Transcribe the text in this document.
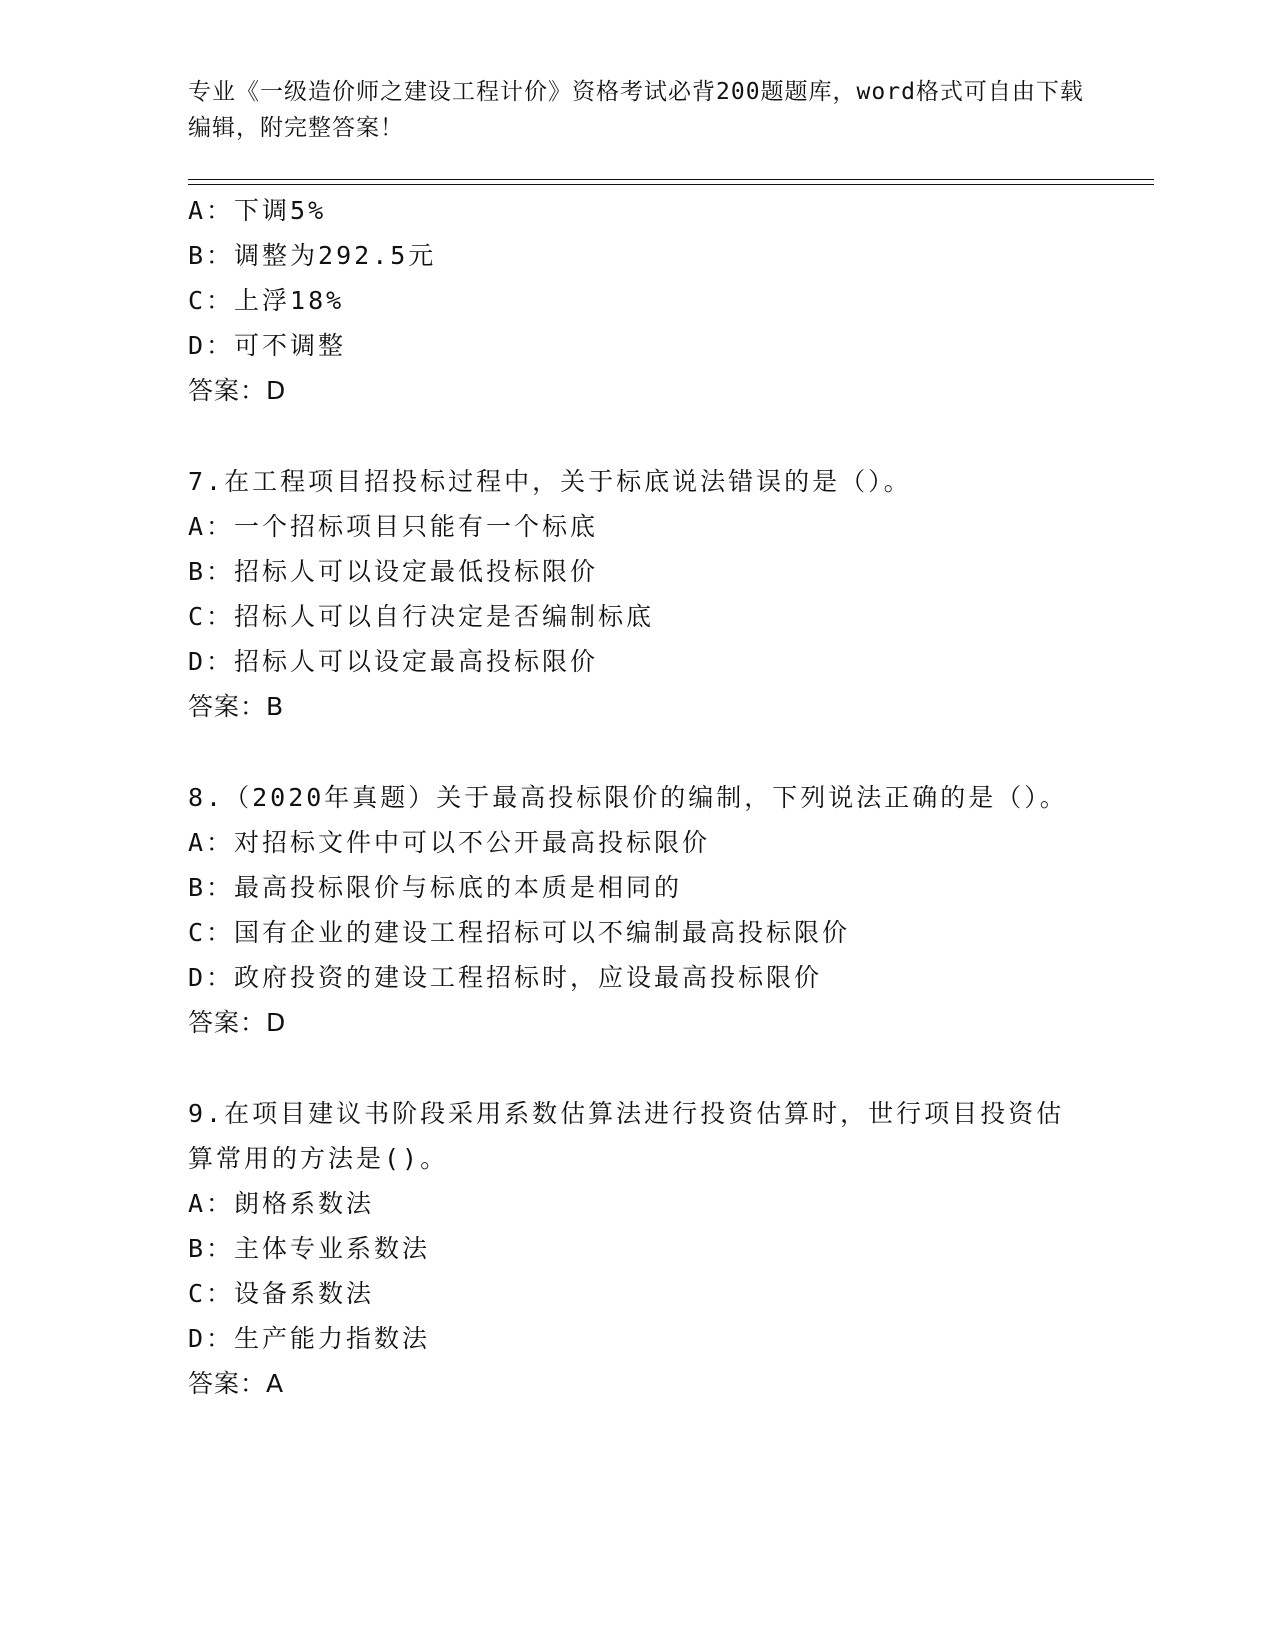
专业《一级造价师之建设工程计价》资格考试必背200题题库，word格式可自由下载编辑，附完整答案！
A：下调5%
B：调整为292.5元
C：上浮18%
D：可不调整
答案：D
7.在工程项目招投标过程中，关于标底说法错误的是（）。
A：一个招标项目只能有一个标底
B：招标人可以设定最低投标限价
C：招标人可以自行决定是否编制标底
D：招标人可以设定最高投标限价
答案：B
8.（2020年真题）关于最高投标限价的编制，下列说法正确的是（）。
A：对招标文件中可以不公开最高投标限价
B：最高投标限价与标底的本质是相同的
C：国有企业的建设工程招标可以不编制最高投标限价
D：政府投资的建设工程招标时，应设最高投标限价
答案：D
9.在项目建议书阶段采用系数估算法进行投资估算时，世行项目投资估算常用的方法是()。
A：朗格系数法
B：主体专业系数法
C：设备系数法
D：生产能力指数法
答案：A
